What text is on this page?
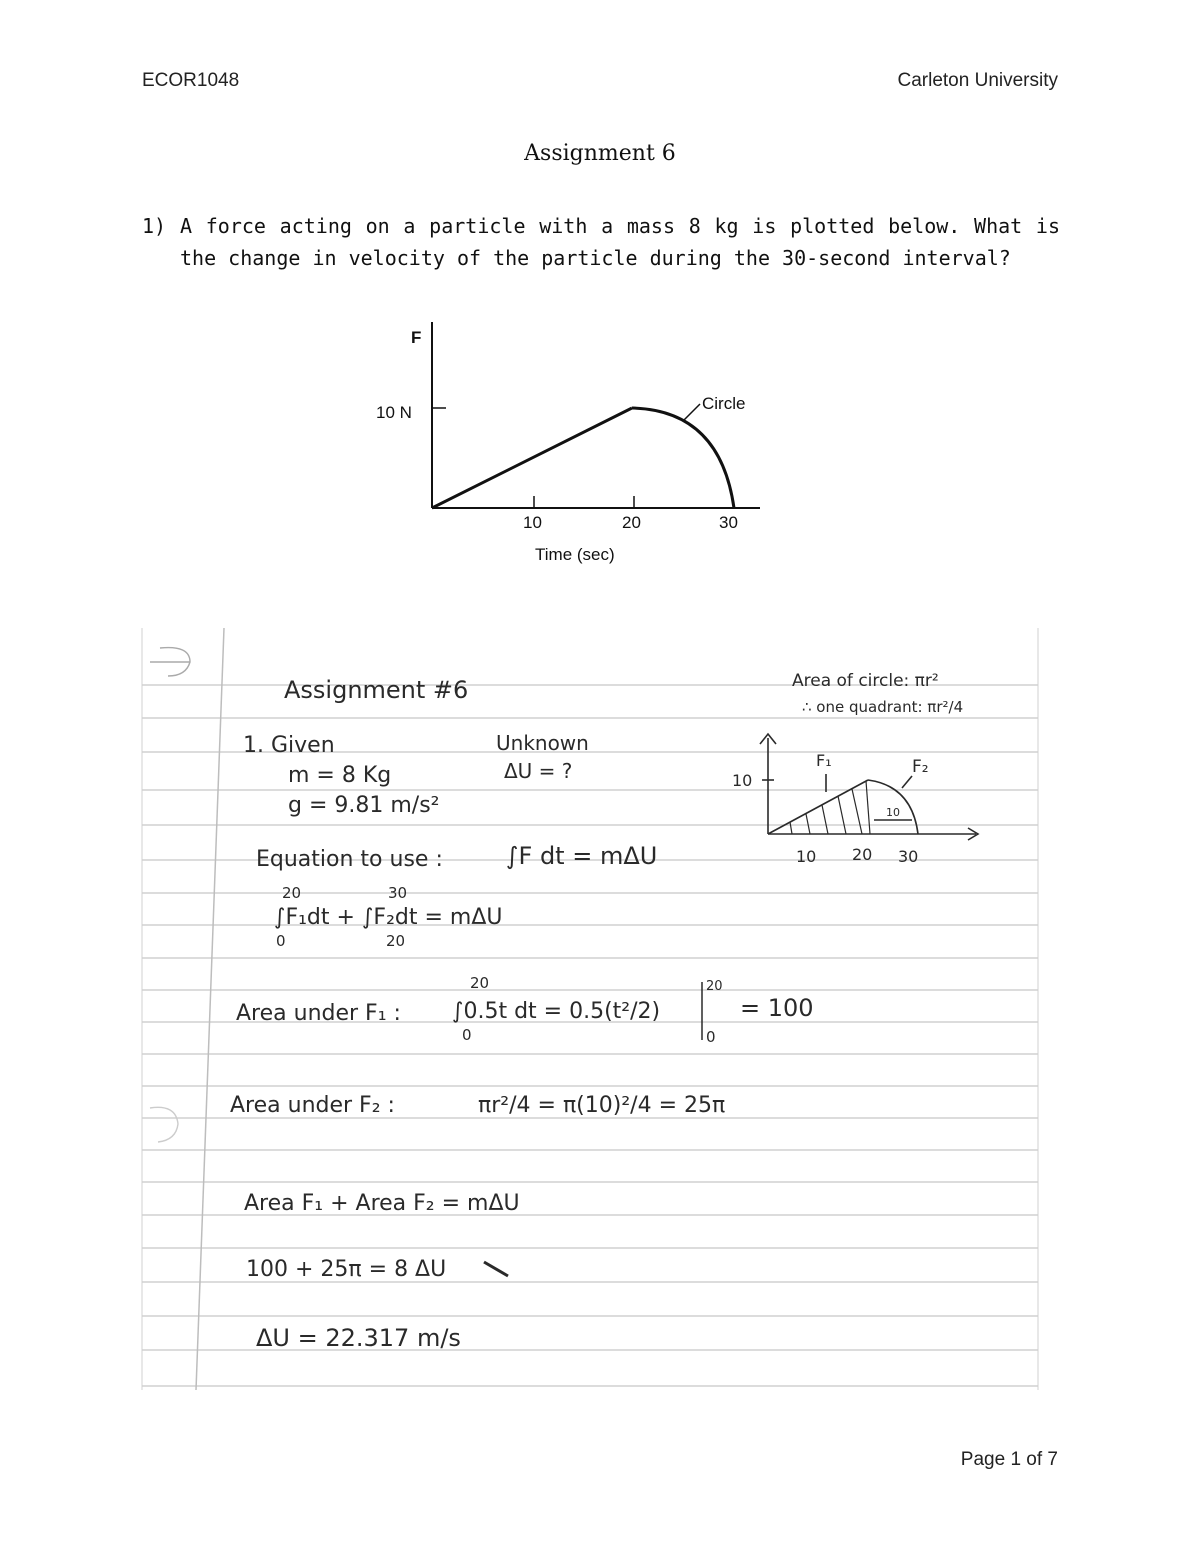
ECOR1048	Carleton University
Assignment 6
1) A force acting on a particle with a mass 8 kg is plotted below. What is the change in velocity of the particle during the 30-second interval?
F
10 N
10	20	30
Time (sec)
Circle
Assignment #6
1. Given
m = 8 Kg
g = 9.81 m/s²
Unknown
ΔU = ?
Equation to use :	∫F dt = mΔU
20	30
∫F₁dt + ∫F₂dt = mΔU
0	20
20
Area under F₁ : ∫0.5t dt = 0.5(t²/2)
20
0	0
= 100
Area under F₂ :	πr²/4 = π(10)²/4 = 25π
Area F₁ + Area F₂ = mΔU
100 + 25π = 8 ΔU
ΔU = 22.317 m/s
Area of circle: πr²
∴ one quadrant: πr²/4
10
F₁	F₂
10
10 20 30
Page 1 of 7
